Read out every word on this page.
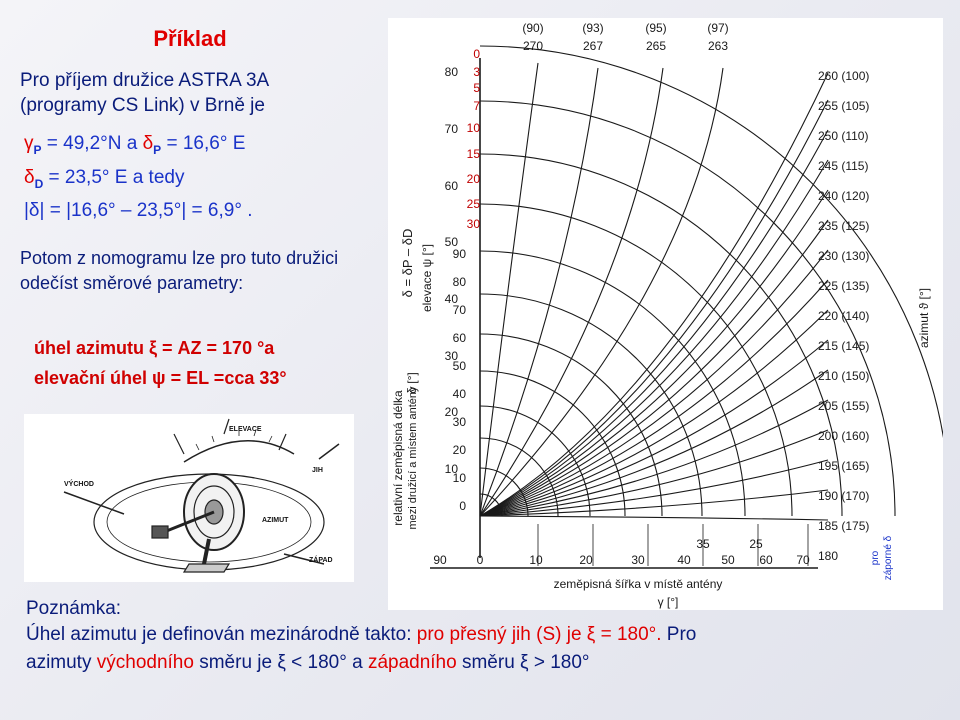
Příklad
Pro příjem družice ASTRA 3A
(programy CS Link) v Brně je
$\gamma_P = 49,2^\circ N$ a $\delta_P = 16,6^\circ$ E
$\delta_D = 23,5^\circ$ E a tedy
|δ| = |16,6° – 23,5°| = 6,9° .
Potom z nomogramu lze pro tuto družici odečíst směrové parametry:
úhel azimutu ξ = AZ = 170 °a
elevační úhel ψ = EL =cca 33°
ELEVACE
VÝCHOD
ZÁPAD
AZIMUT
JIH
(90)
270
(93)
267
(95)
265
(97)
263
0
3
5
7
10
15
20
25
30
80
70
60
50
40
30
20
10
90
80
70
60
50
40
30
20
10
0
260 (100)
255 (105)
250 (110)
245 (115)
240 (120)
235 (125)
230 (130)
225 (135)
220 (140)
215 (145)
210 (150)
205 (155)
200 (160)
195 (165)
190 (170)
185 (175)
180
90 0	10	20	30	40	50 60 70
25
35
elevace ψ [°]
δ = δP – δD
δ [°]
relativní zeměpisná délka mezi družicí a místem antény
azimut ϑ [°]
pro záporné δ
zeměpisná šířka v místě antény
γ [°]
Poznámka:
Úhel azimutu je definován mezinárodně takto: pro přesný jih (S) je ξ = 180°. Pro
azimuty východního směru je ξ < 180° a západního směru ξ > 180°
